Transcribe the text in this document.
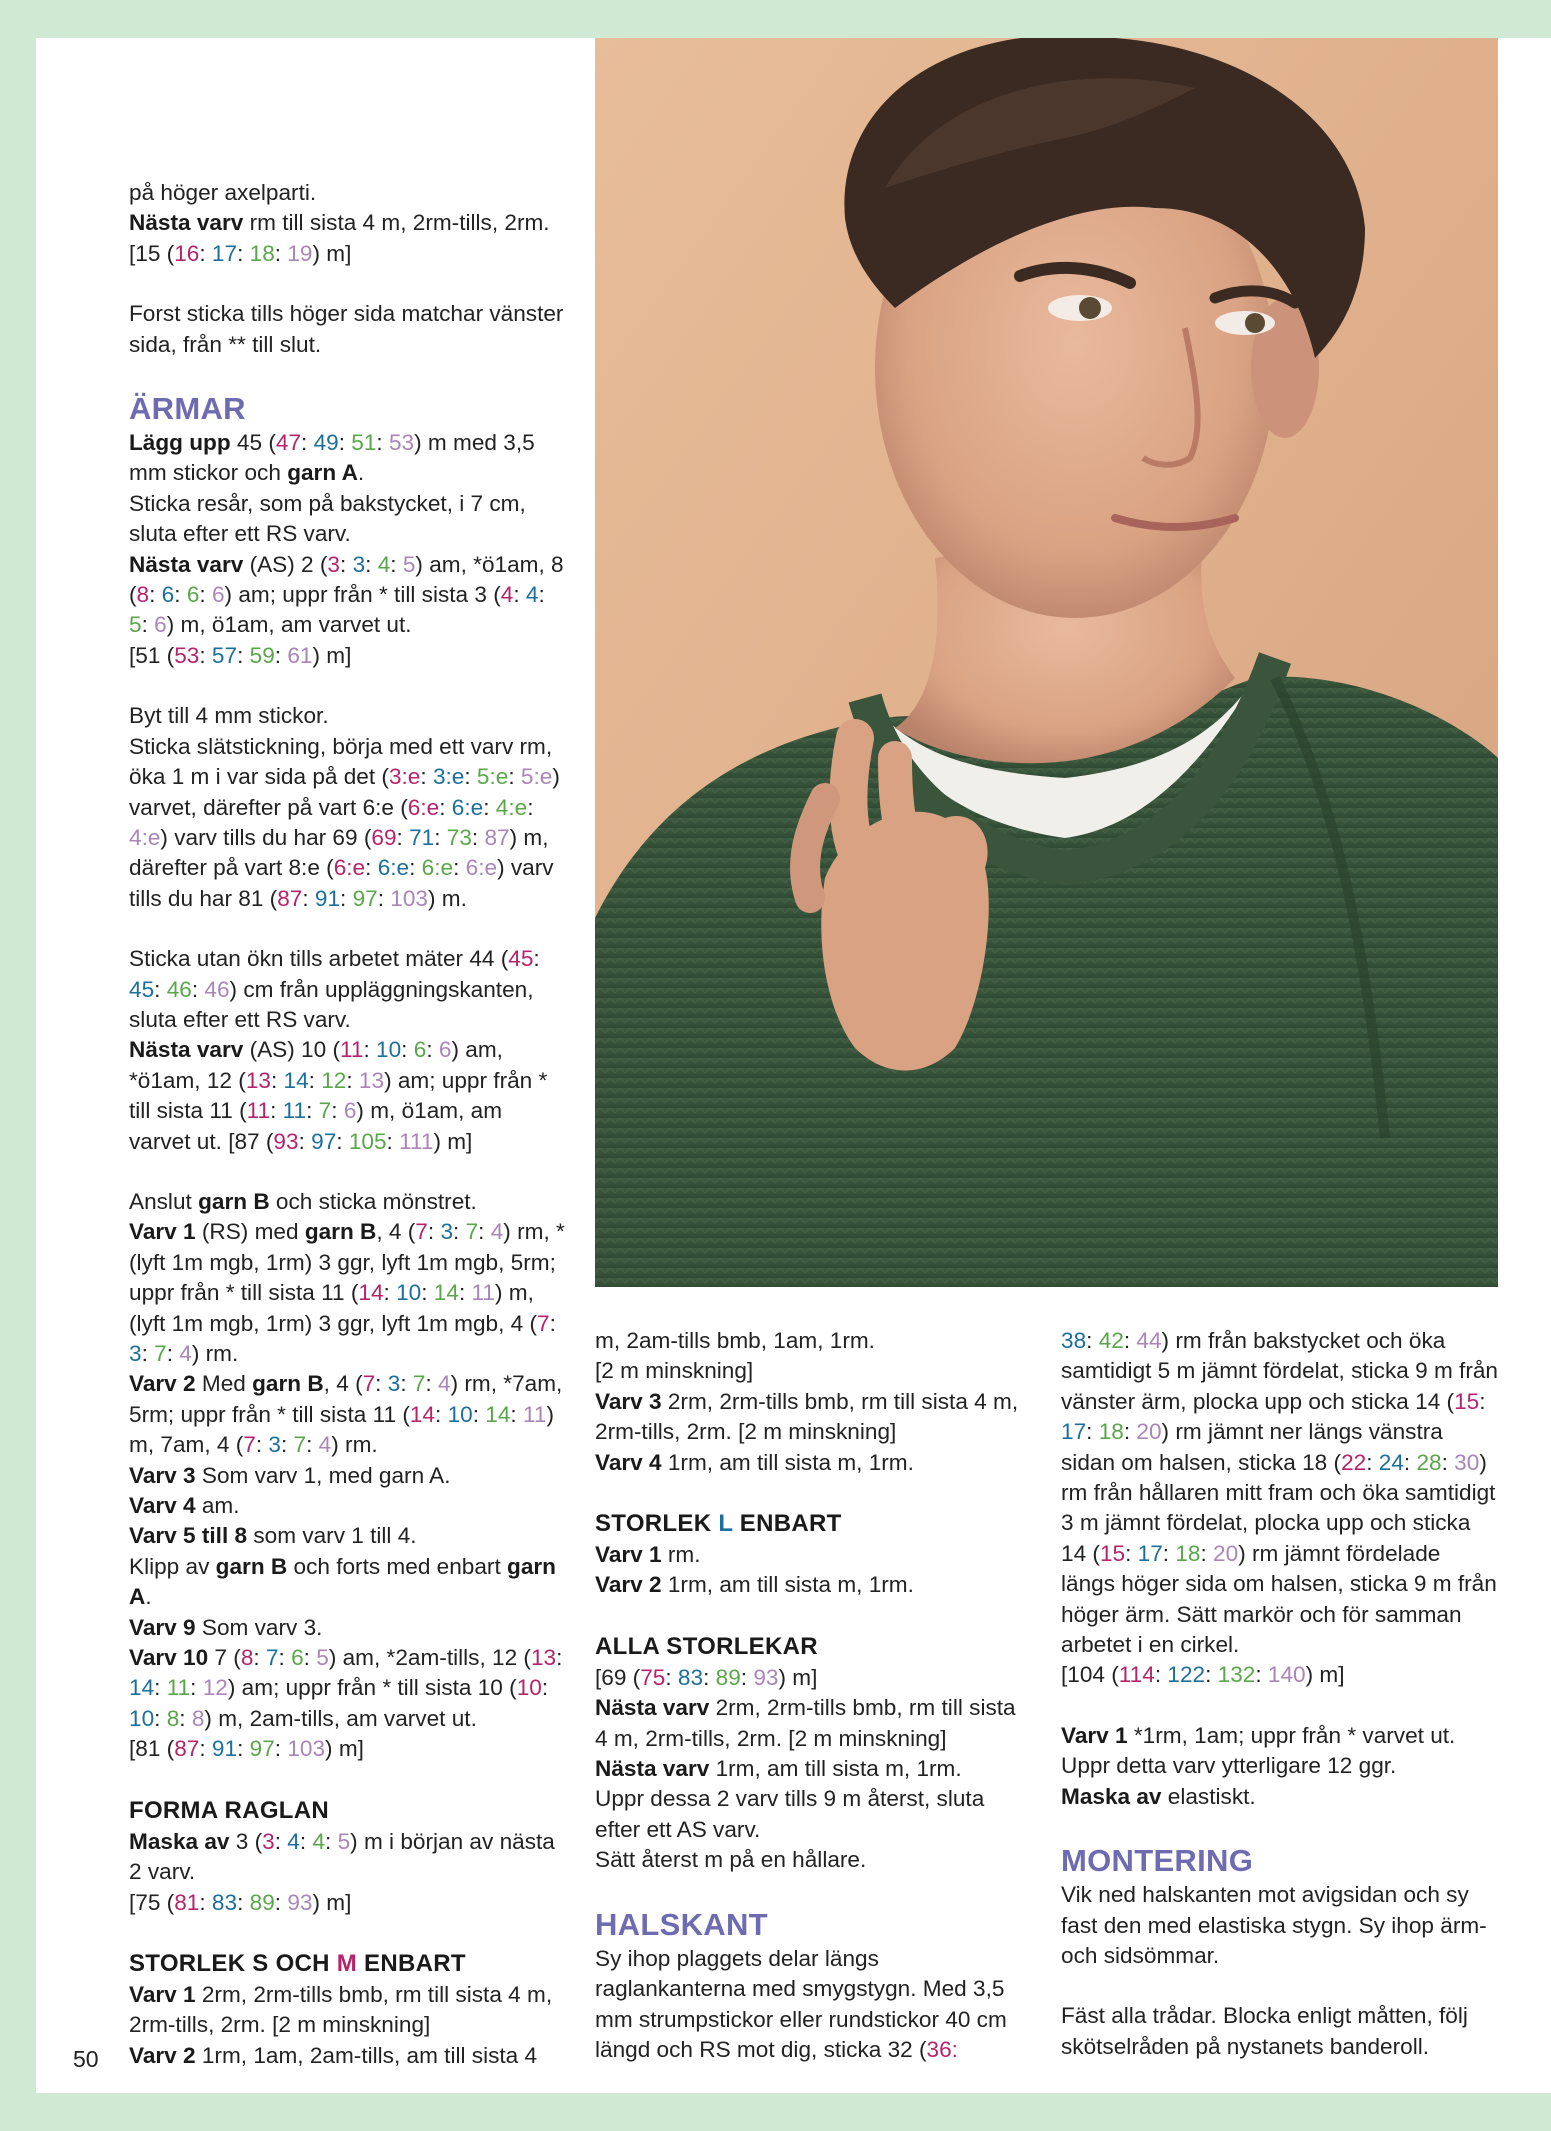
på höger axelparti.
Nästa varv rm till sista 4 m, 2rm-tills, 2rm. [15 (16: 17: 18: 19) m]

Forst sticka tills höger sida matchar vänster sida, från ** till slut.

ÄRMAR

Lägg upp 45 (47: 49: 51: 53) m med 3,5 mm stickor och garn A.
Sticka resår, som på bakstycket, i 7 cm, sluta efter ett RS varv.
Nästa varv (AS) 2 (3: 3: 4: 5) am, *ö1am, 8 (8: 6: 6: 6) am; uppr från * till sista 3 (4: 4: 5: 6) m, ö1am, am varvet ut.
[51 (53: 57: 59: 61) m]

Byt till 4 mm stickor.
Sticka slätstickning, börja med ett varv rm, öka 1 m i var sida på det (3:e: 3:e: 5:e: 5:e) varvet, därefter på vart 6:e (6:e: 6:e: 4:e: 4:e) varv tills du har 69 (69: 71: 73: 87) m, därefter på vart 8:e (6:e: 6:e: 6:e: 6:e) varv tills du har 81 (87: 91: 97: 103) m.

Sticka utan ökn tills arbetet mäter 44 (45: 45: 46: 46) cm från uppläggningskanten, sluta efter ett RS varv.
Nästa varv (AS) 10 (11: 10: 6: 6) am, *ö1am, 12 (13: 14: 12: 13) am; uppr från * till sista 11 (11: 11: 7: 6) m, ö1am, am varvet ut. [87 (93: 97: 105: 111) m]

Anslut garn B och sticka mönstret.
Varv 1 (RS) med garn B, 4 (7: 3: 7: 4) rm, *(lyft 1m mgb, 1rm) 3 ggr, lyft 1m mgb, 5rm; uppr från * till sista 11 (14: 10: 14: 11) m, (lyft 1m mgb, 1rm) 3 ggr, lyft 1m mgb, 4 (7: 3: 7: 4) rm.
Varv 2 Med garn B, 4 (7: 3: 7: 4) rm, *7am, 5rm; uppr från * till sista 11 (14: 10: 14: 11) m, 7am, 4 (7: 3: 7: 4) rm.
Varv 3 Som varv 1, med garn A.
Varv 4 am.
Varv 5 till 8 som varv 1 till 4.
Klipp av garn B och forts med enbart garn A.
Varv 9 Som varv 3.
Varv 10 7 (8: 7: 6: 5) am, *2am-tills, 12 (13: 14: 11: 12) am; uppr från * till sista 10 (10: 10: 8: 8) m, 2am-tills, am varvet ut.
[81 (87: 91: 97: 103) m]

FORMA RAGLAN

Maska av 3 (3: 4: 4: 5) m i början av nästa 2 varv.
[75 (81: 83: 89: 93) m]

STORLEK S OCH M ENBART

Varv 1 2rm, 2rm-tills bmb, rm till sista 4 m, 2rm-tills, 2rm. [2 m minskning]
Varv 2 1rm, 1am, 2am-tills, am till sista 4

m, 2am-tills bmb, 1am, 1rm.
[2 m minskning]
Varv 3 2rm, 2rm-tills bmb, rm till sista 4 m, 2rm-tills, 2rm. [2 m minskning]
Varv 4 1rm, am till sista m, 1rm.

STORLEK L ENBART

Varv 1 rm.
Varv 2 1rm, am till sista m, 1rm.

ALLA STORLEKAR

[69 (75: 83: 89: 93) m]
Nästa varv 2rm, 2rm-tills bmb, rm till sista 4 m, 2rm-tills, 2rm. [2 m minskning]
Nästa varv 1rm, am till sista m, 1rm.
Uppr dessa 2 varv tills 9 m återst, sluta efter ett AS varv.
Sätt återst m på en hållare.

HALSKANT

Sy ihop plaggets delar längs raglankanterna med smygstygn. Med 3,5 mm strumpstickor eller rundstickor 40 cm längd och RS mot dig, sticka 32 (36:

38: 42: 44) rm från bakstycket och öka samtidigt 5 m jämnt fördelat, sticka 9 m från vänster ärm, plocka upp och sticka 14 (15: 17: 18: 20) rm jämnt ner längs vänstra sidan om halsen, sticka 18 (22: 24: 28: 30) rm från hållaren mitt fram och öka samtidigt 3 m jämnt fördelat, plocka upp och sticka 14 (15: 17: 18: 20) rm jämnt fördelade längs höger sida om halsen, sticka 9 m från höger ärm. Sätt markör och för samman arbetet i en cirkel.
[104 (114: 122: 132: 140) m]

Varv 1 *1rm, 1am; uppr från * varvet ut.
Uppr detta varv ytterligare 12 ggr.
Maska av elastiskt.

MONTERING

Vik ned halskanten mot avigsidan och sy fast den med elastiska stygn. Sy ihop ärm- och sidsömmar.

Fäst alla trådar. Blocka enligt måtten, följ skötselråden på nystanets banderoll.

50
